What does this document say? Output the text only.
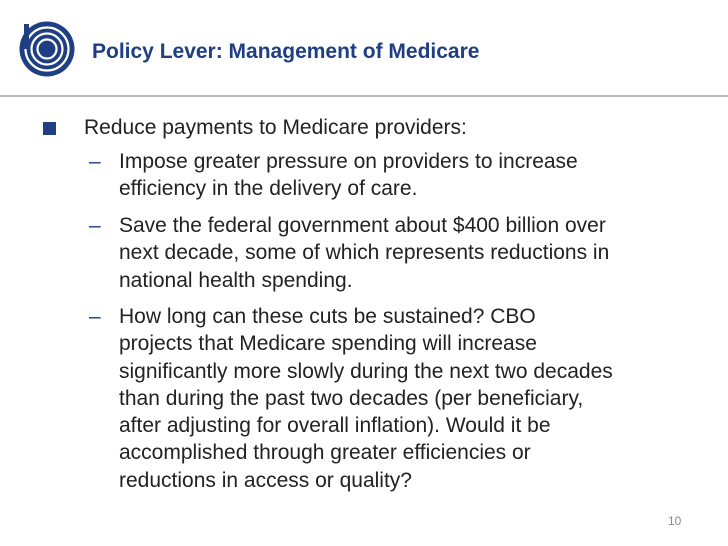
Policy Lever: Management of Medicare
Reduce payments to Medicare providers:
– Impose greater pressure on providers to increase
efficiency in the delivery of care.
– Save the federal government about $400 billion over
next decade, some of which represents reductions in
national health spending.
– How long can these cuts be sustained? CBO
projects that Medicare spending will increase
significantly more slowly during the next two decades
than during the past two decades (per beneficiary,
after adjusting for overall inflation). Would it be
accomplished through greater efficiencies or
reductions in access or quality?
10
